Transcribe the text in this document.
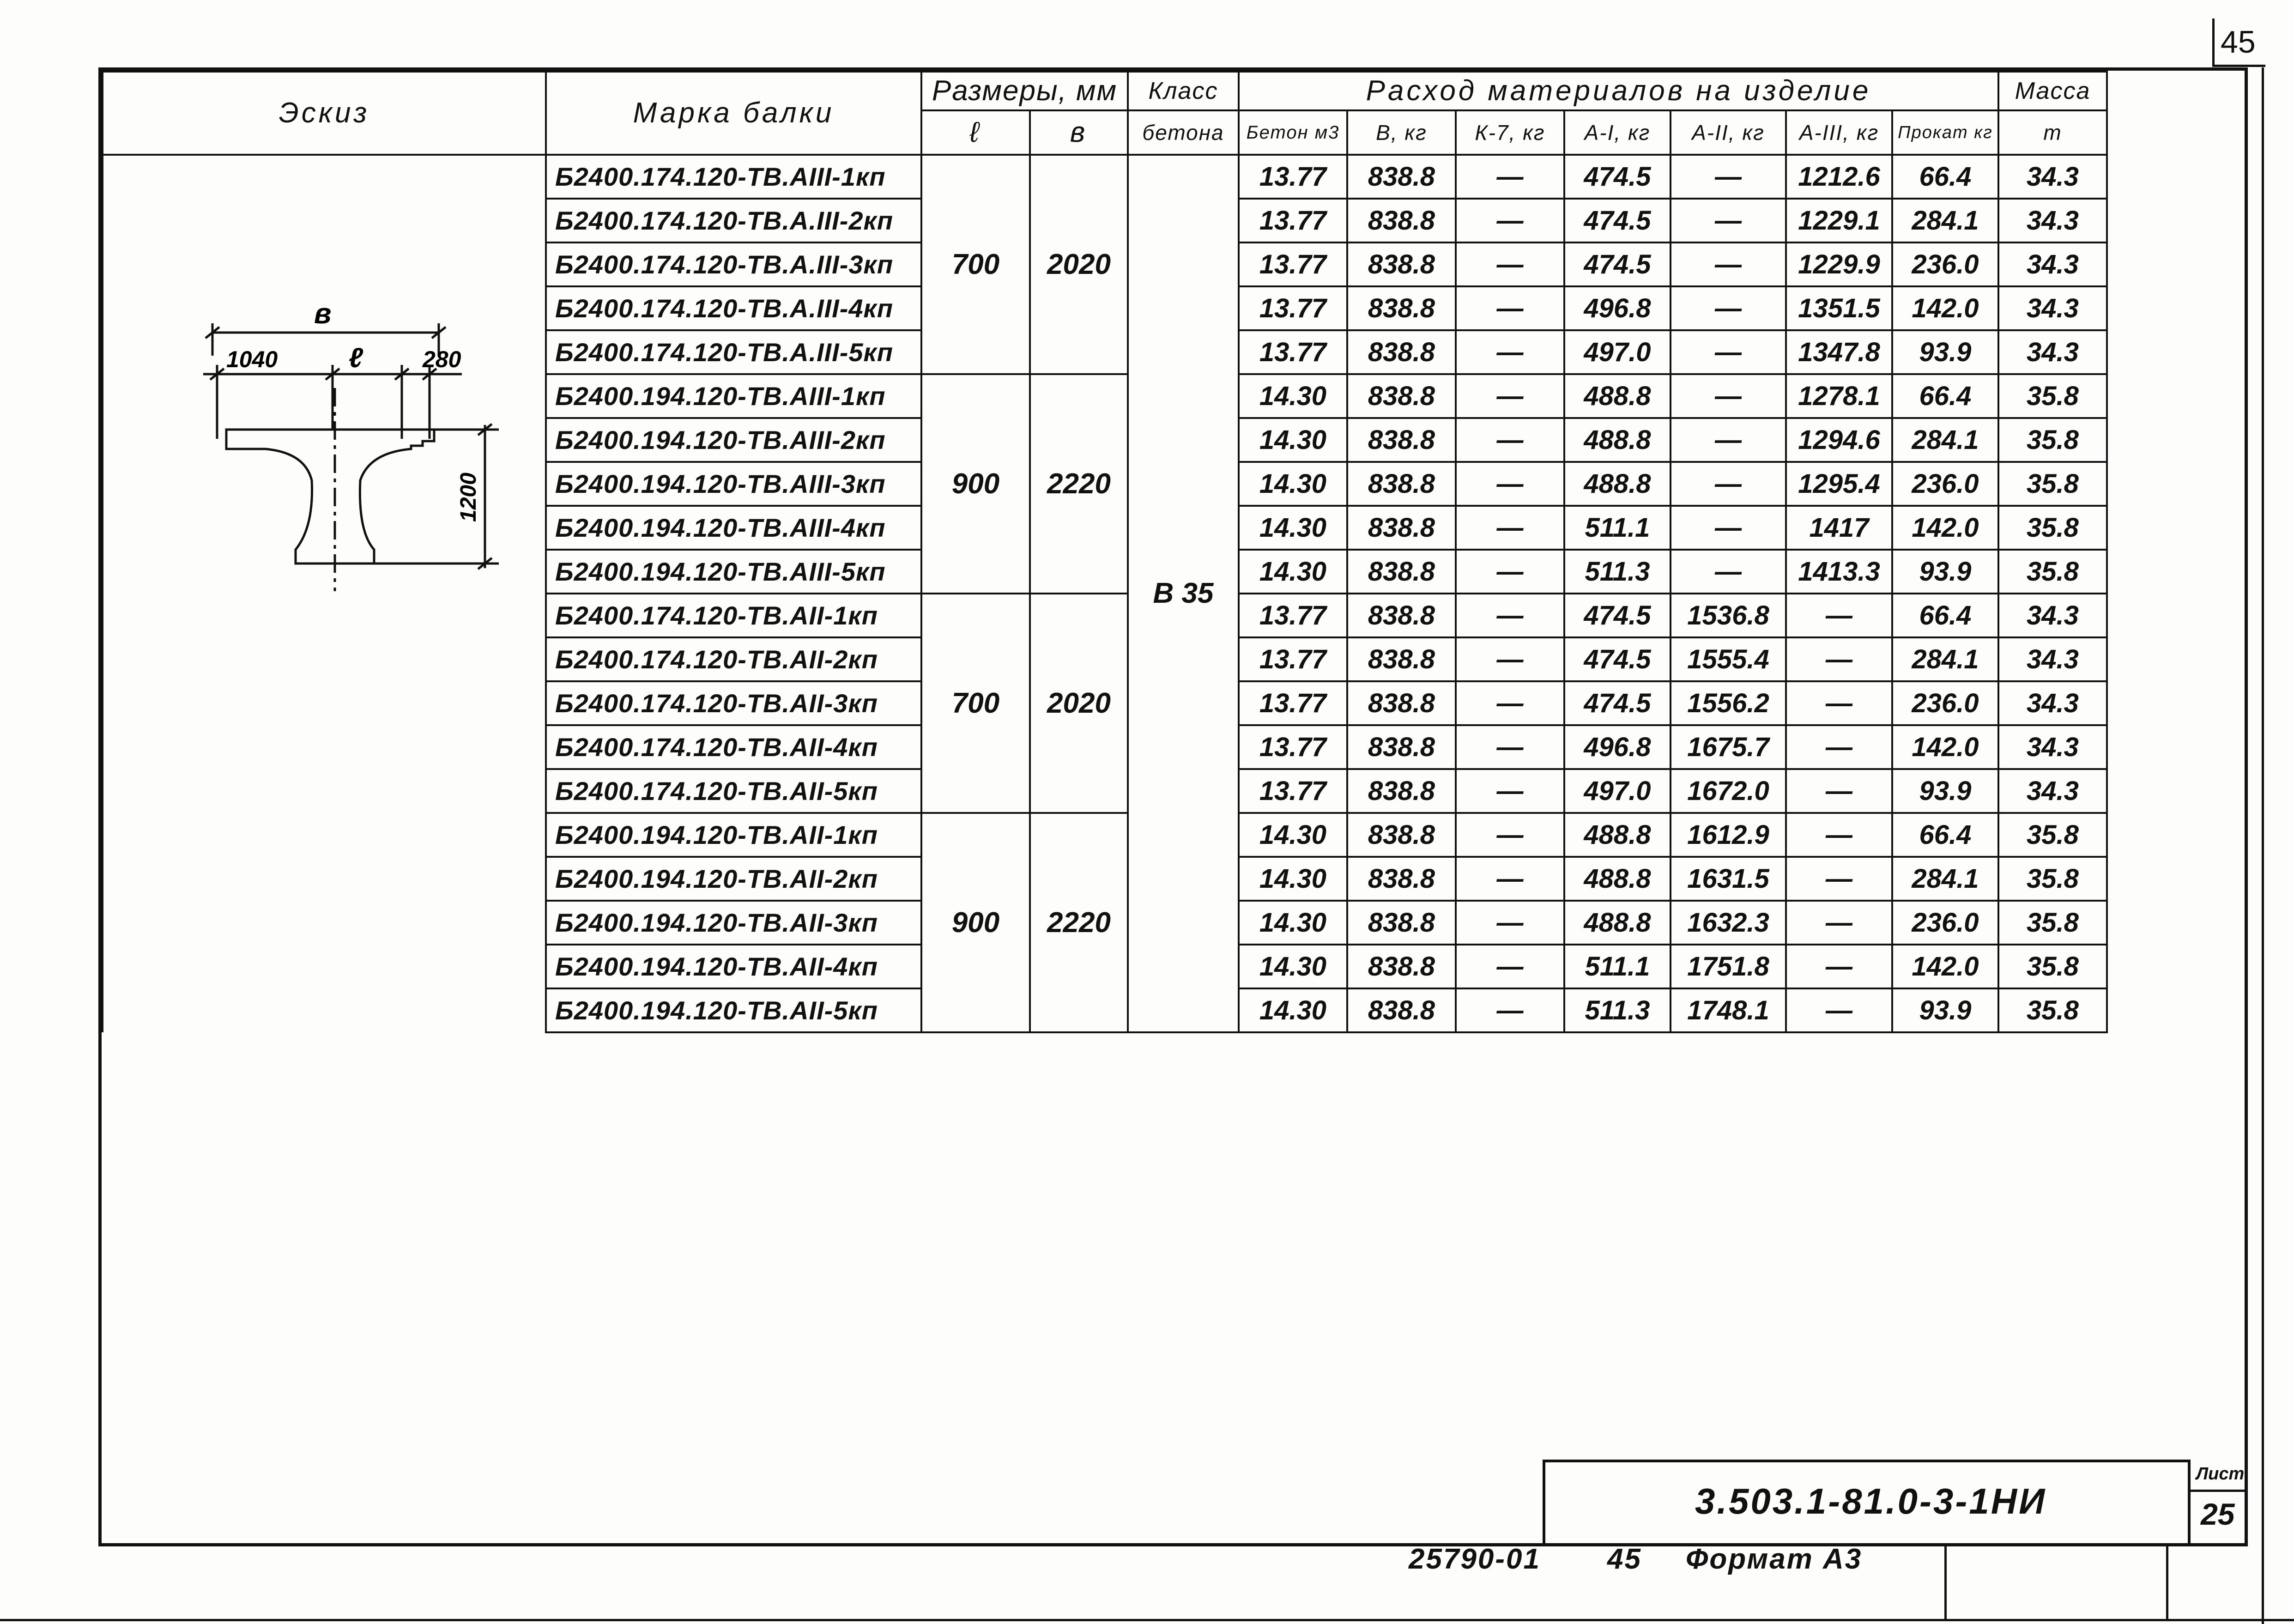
45
Эскиз	Марка балки	Размеры, мм		Класс	Расход материалов на изделие							Масса
		ℓ	в	бетона	Бетон м3	В, кг	К-7, кг	А-I, кг	А-II, кг	А-III, кг	Прокат кг	т
	Б2400.174.120-ТВ.АIII-1кп	700	2020	В 35	13.77	838.8	—	474.5	—	1212.6	66.4	34.3
	Б2400.174.120-ТВ.А.III-2кп				13.77	838.8	—	474.5	—	1229.1	284.1	34.3
	Б2400.174.120-ТВ.А.III-3кп				13.77	838.8	—	474.5	—	1229.9	236.0	34.3
	Б2400.174.120-ТВ.А.III-4кп				13.77	838.8	—	496.8	—	1351.5	142.0	34.3
	Б2400.174.120-ТВ.А.III-5кп				13.77	838.8	—	497.0	—	1347.8	93.9	34.3
	Б2400.194.120-ТВ.АIII-1кп	900	2220		14.30	838.8	—	488.8	—	1278.1	66.4	35.8
	Б2400.194.120-ТВ.АIII-2кп				14.30	838.8	—	488.8	—	1294.6	284.1	35.8
	Б2400.194.120-ТВ.АIII-3кп				14.30	838.8	—	488.8	—	1295.4	236.0	35.8
	Б2400.194.120-ТВ.АIII-4кп				14.30	838.8	—	511.1	—	1417	142.0	35.8
	Б2400.194.120-ТВ.АIII-5кп				14.30	838.8	—	511.3	—	1413.3	93.9	35.8
	Б2400.174.120-ТВ.АII-1кп	700	2020		13.77	838.8	—	474.5	1536.8	—	66.4	34.3
	Б2400.174.120-ТВ.АII-2кп				13.77	838.8	—	474.5	1555.4	—	284.1	34.3
	Б2400.174.120-ТВ.АII-3кп				13.77	838.8	—	474.5	1556.2	—	236.0	34.3
	Б2400.174.120-ТВ.АII-4кп				13.77	838.8	—	496.8	1675.7	—	142.0	34.3
	Б2400.174.120-ТВ.АII-5кп				13.77	838.8	—	497.0	1672.0	—	93.9	34.3
	Б2400.194.120-ТВ.АII-1кп	900	2220		14.30	838.8	—	488.8	1612.9	—	66.4	35.8
	Б2400.194.120-ТВ.АII-2кп				14.30	838.8	—	488.8	1631.5	—	284.1	35.8
	Б2400.194.120-ТВ.АII-3кп				14.30	838.8	—	488.8	1632.3	—	236.0	35.8
	Б2400.194.120-ТВ.АII-4кп				14.30	838.8	—	511.1	1751.8	—	142.0	35.8
	Б2400.194.120-ТВ.АII-5кп				14.30	838.8	—	511.3	1748.1	—	93.9	35.8
в
1040	ℓ	280
1200
3.503.1-81.0-3-1НИ
Лист
25
25790-01 45 Формат А3
